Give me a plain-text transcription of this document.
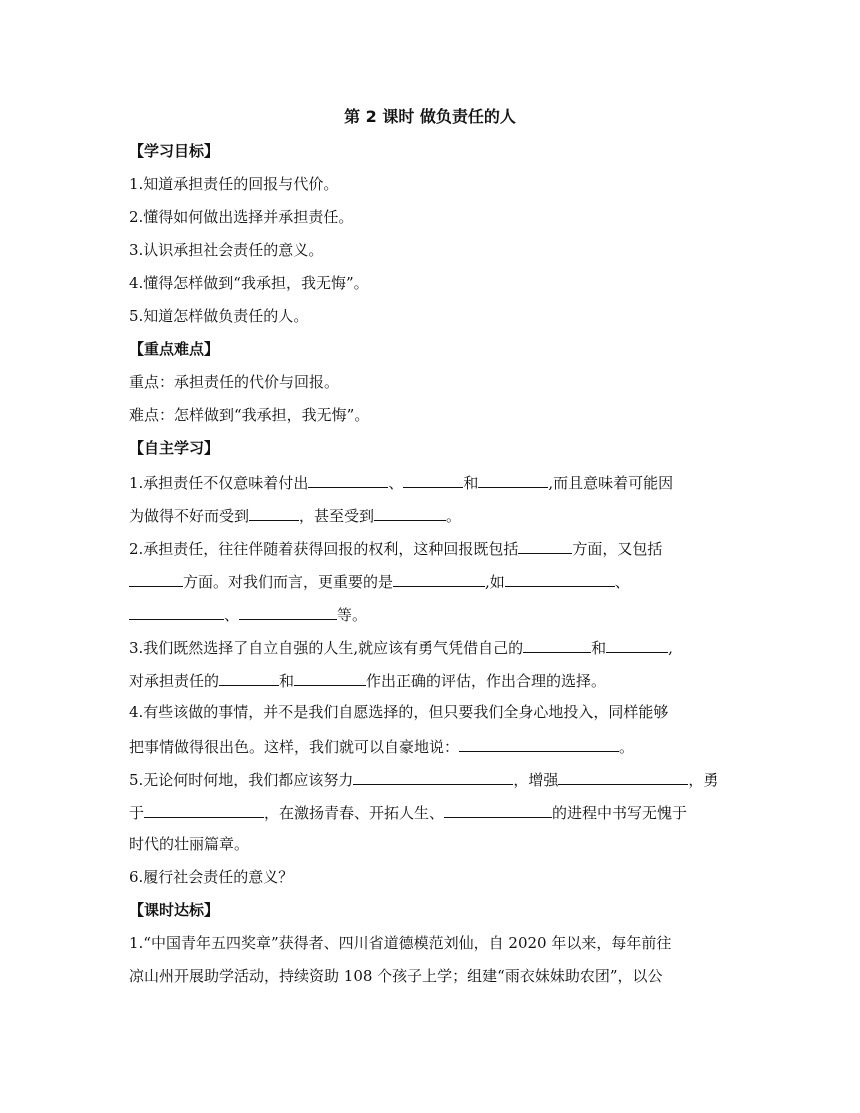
第 2 课时 做负责任的人
【学习目标】
1.知道承担责任的回报与代价。
2.懂得如何做出选择并承担责任。
3.认识承担社会责任的意义。
4.懂得怎样做到“我承担，我无悔”。
5.知道怎样做负责任的人。
【重点难点】
重点：承担责任的代价与回报。
难点：怎样做到“我承担，我无悔”。
【自主学习】
1.承担责任不仅意味着付出	、	和	,而且意味着可能因
为做得不好而受到	，甚至受到	。
2.承担责任，往往伴随着获得回报的权利，这种回报既包括	方面，又包括
方面。对我们而言，更重要的是	,如	、
、	等。
3.我们既然选择了自立自强的人生,就应该有勇气凭借自己的	和	,
对承担责任的	和	作出正确的评估，作出合理的选择。
4.有些该做的事情，并不是我们自愿选择的，但只要我们全身心地投入，同样能够
把事情做得很出色。这样，我们就可以自豪地说：	。
5.无论何时何地，我们都应该努力	，增强	，勇
于	，在激扬青春、开拓人生、	的进程中书写无愧于
时代的壮丽篇章。
6.履行社会责任的意义？
【课时达标】
1.“中国青年五四奖章”获得者、四川省道德模范刘仙，自 2020 年以来，每年前往
凉山州开展助学活动，持续资助 108 个孩子上学；组建“雨衣妹妹助农团”，以公
